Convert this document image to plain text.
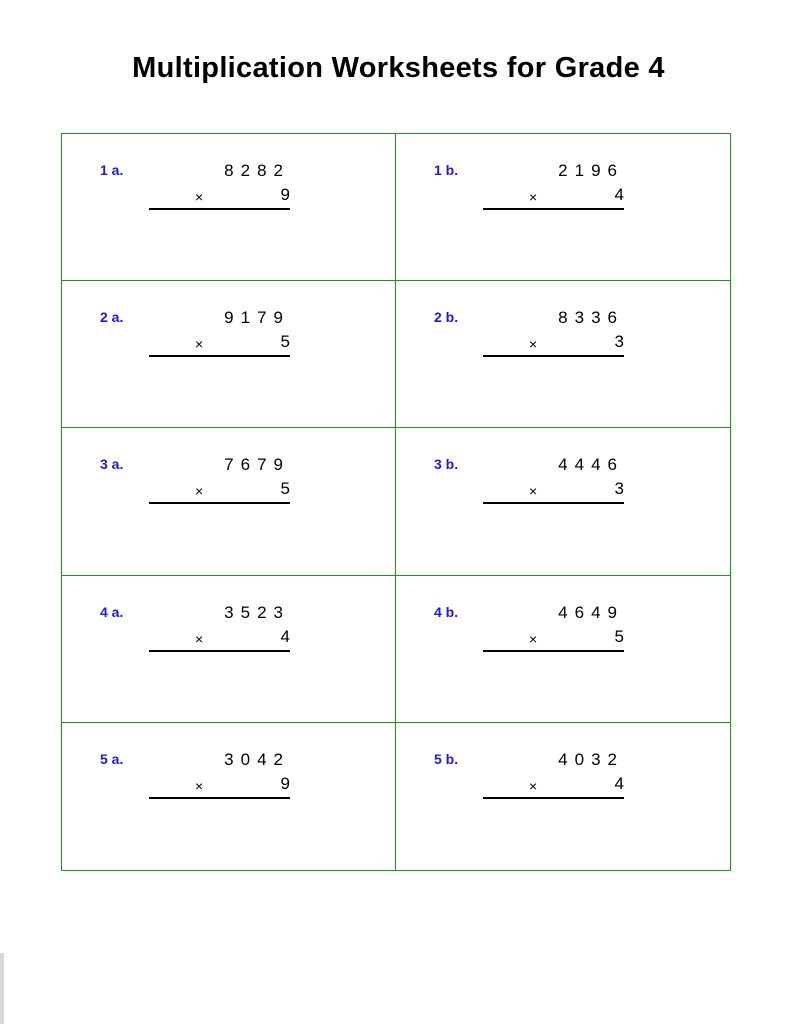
Multiplication Worksheets for Grade 4
1 a.	8282
×	9
1 b.	2196
×	4
2 a.	9179
×	5
2 b.	8336
×	3
3 a.	7679
×	5
3 b.	4446
×	3
4 a.	3523
×	4
4 b.	4649
×	5
5 a.	3042
×	9
5 b.	4032
×	4
